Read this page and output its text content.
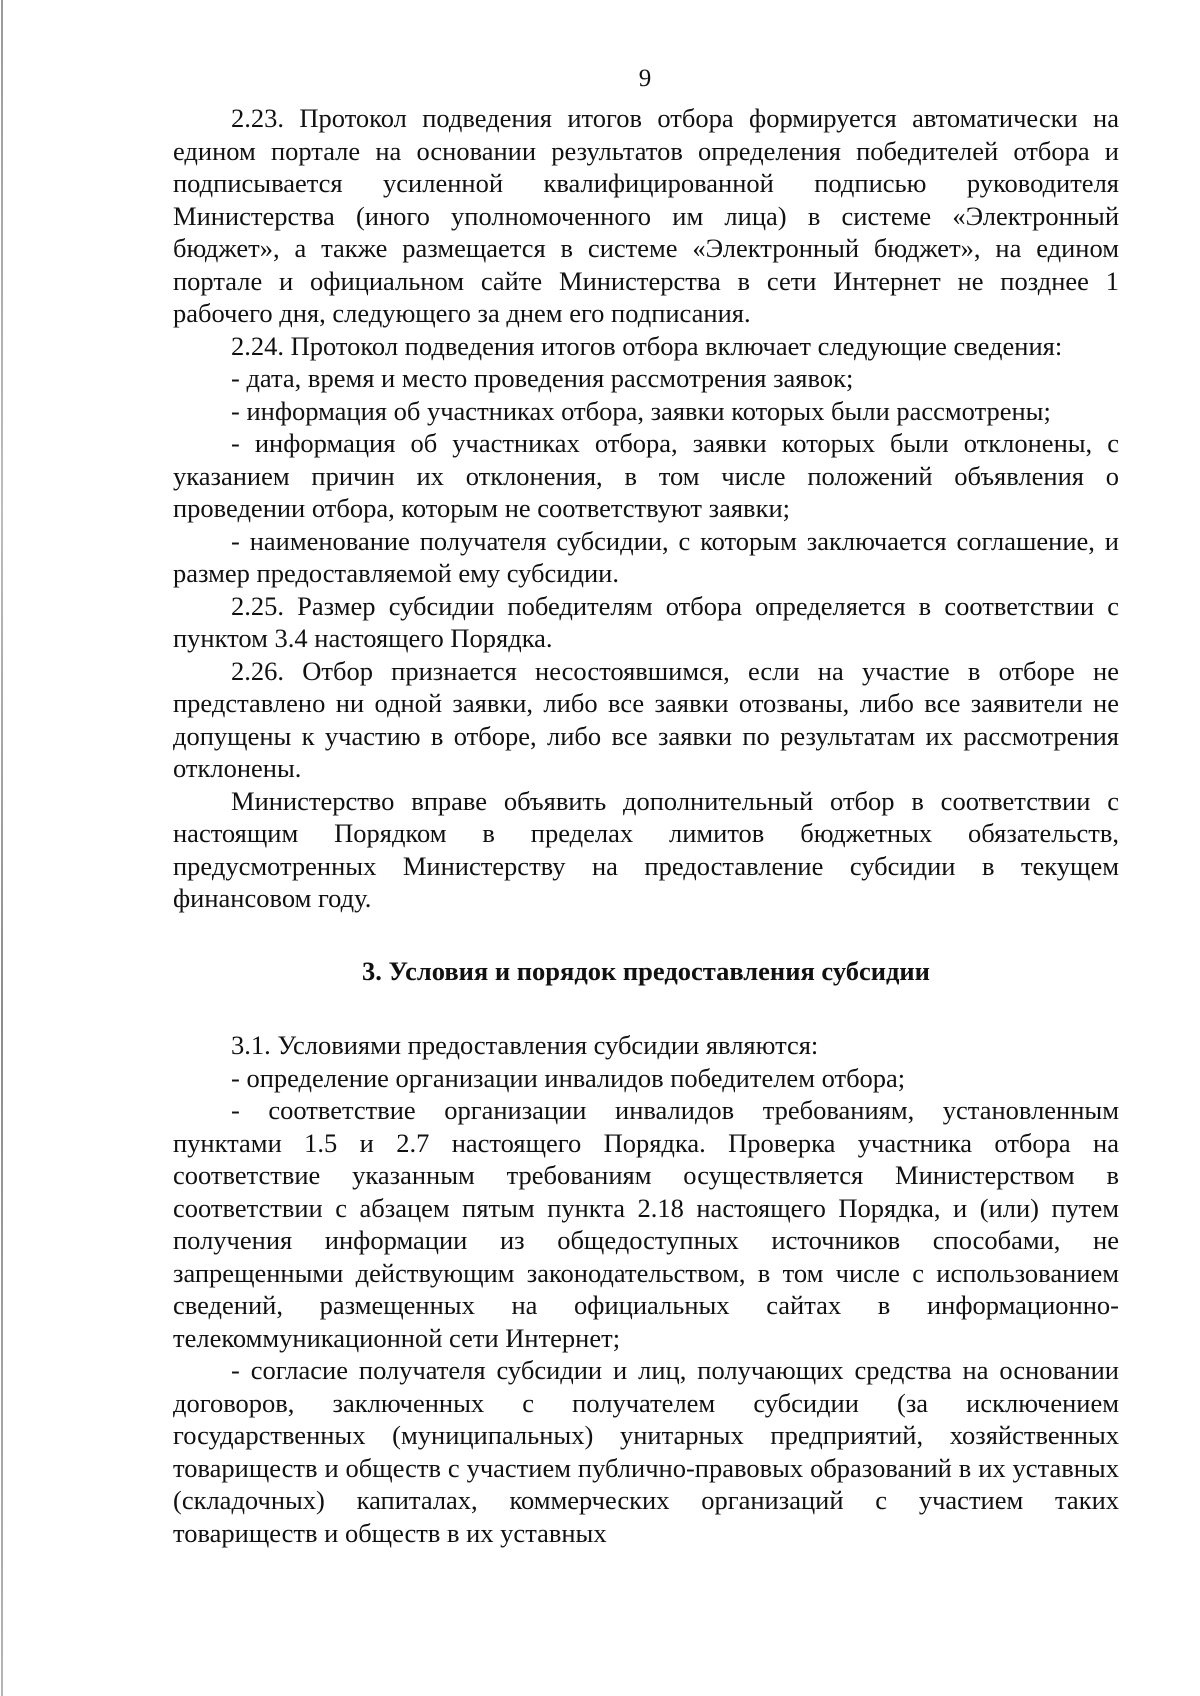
9

2.23. Протокол подведения итогов отбора формируется автоматически на едином портале на основании результатов определения победителей отбора и подписывается усиленной квалифицированной подписью руководителя Министерства (иного уполномоченного им лица) в системе «Электронный бюджет», а также размещается в системе «Электронный бюджет», на едином портале и официальном сайте Министерства в сети Интернет не позднее 1 рабочего дня, следующего за днем его подписания.

2.24. Протокол подведения итогов отбора включает следующие сведения:

- дата, время и место проведения рассмотрения заявок;

- информация об участниках отбора, заявки которых были рассмотрены;

- информация об участниках отбора, заявки которых были отклонены, с указанием причин их отклонения, в том числе положений объявления о проведении отбора, которым не соответствуют заявки;

- наименование получателя субсидии, с которым заключается соглашение, и размер предоставляемой ему субсидии.

2.25. Размер субсидии победителям отбора определяется в соответствии с пунктом 3.4 настоящего Порядка.

2.26. Отбор признается несостоявшимся, если на участие в отборе не представлено ни одной заявки, либо все заявки отозваны, либо все заявители не допущены к участию в отборе, либо все заявки по результатам их рассмотрения отклонены.

Министерство вправе объявить дополнительный отбор в соответствии с настоящим Порядком в пределах лимитов бюджетных обязательств, предусмотренных Министерству на предоставление субсидии в текущем финансовом году.

3. Условия и порядок предоставления субсидии

3.1. Условиями предоставления субсидии являются:

- определение организации инвалидов победителем отбора;

- соответствие организации инвалидов требованиям, установленным пунктами 1.5 и 2.7 настоящего Порядка. Проверка участника отбора на соответствие указанным требованиям осуществляется Министерством в соответствии с абзацем пятым пункта 2.18 настоящего Порядка, и (или) путем получения информации из общедоступных источников способами, не запрещенными действующим законодательством, в том числе с использованием сведений, размещенных на официальных сайтах в информационно-телекоммуникационной сети Интернет;

- согласие получателя субсидии и лиц, получающих средства на основании договоров, заключенных с получателем субсидии (за исключением государственных (муниципальных) унитарных предприятий, хозяйственных товариществ и обществ с участием публично-правовых образований в их уставных (складочных) капиталах, коммерческих организаций с участием таких товариществ и обществ в их уставных
